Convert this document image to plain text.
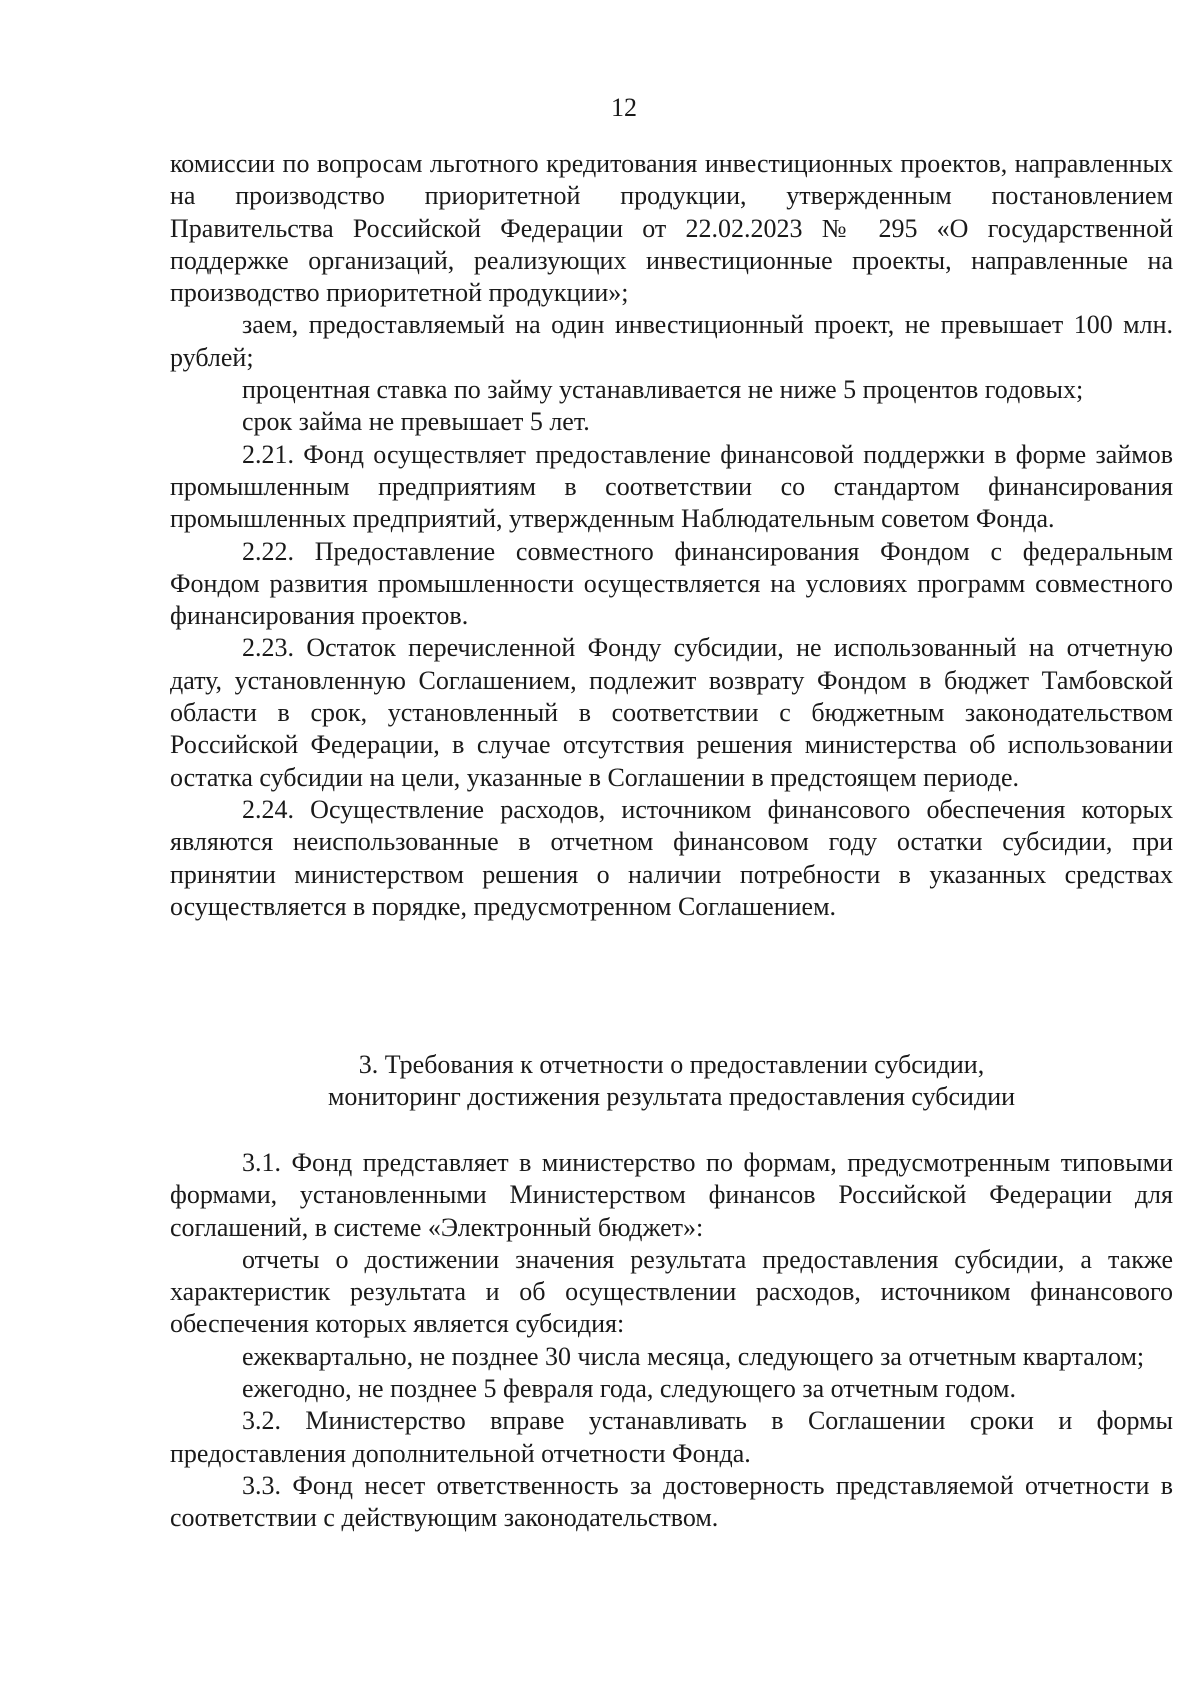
12

комиссии по вопросам льготного кредитования инвестиционных проектов, направленных на производство приоритетной продукции, утвержденным постановлением Правительства Российской Федерации от 22.02.2023 № 295 «О государственной поддержке организаций, реализующих инвестиционные проекты, направленные на производство приоритетной продукции»;

заем, предоставляемый на один инвестиционный проект, не превышает 100 млн. рублей;

процентная ставка по займу устанавливается не ниже 5 процентов годовых;

срок займа не превышает 5 лет.

2.21. Фонд осуществляет предоставление финансовой поддержки в форме займов промышленным предприятиям в соответствии со стандартом финансирования промышленных предприятий, утвержденным Наблюдательным советом Фонда.

2.22. Предоставление совместного финансирования Фондом с федеральным Фондом развития промышленности осуществляется на условиях программ совместного финансирования проектов.

2.23. Остаток перечисленной Фонду субсидии, не использованный на отчетную дату, установленную Соглашением, подлежит возврату Фондом в бюджет Тамбовской области в срок, установленный в соответствии с бюджетным законодательством Российской Федерации, в случае отсутствия решения министерства об использовании остатка субсидии на цели, указанные в Соглашении в предстоящем периоде.

2.24. Осуществление расходов, источником финансового обеспечения которых являются неиспользованные в отчетном финансовом году остатки субсидии, при принятии министерством решения о наличии потребности в указанных средствах осуществляется в порядке, предусмотренном Соглашением.

3. Требования к отчетности о предоставлении субсидии,
мониторинг достижения результата предоставления субсидии

3.1. Фонд представляет в министерство по формам, предусмотренным типовыми формами, установленными Министерством финансов Российской Федерации для соглашений, в системе «Электронный бюджет»:

отчеты о достижении значения результата предоставления субсидии, а также характеристик результата и об осуществлении расходов, источником финансового обеспечения которых является субсидия:

ежеквартально, не позднее 30 числа месяца, следующего за отчетным кварталом;

ежегодно, не позднее 5 февраля года, следующего за отчетным годом.

3.2. Министерство вправе устанавливать в Соглашении сроки и формы предоставления дополнительной отчетности Фонда.

3.3. Фонд несет ответственность за достоверность представляемой отчетности в соответствии с действующим законодательством.
